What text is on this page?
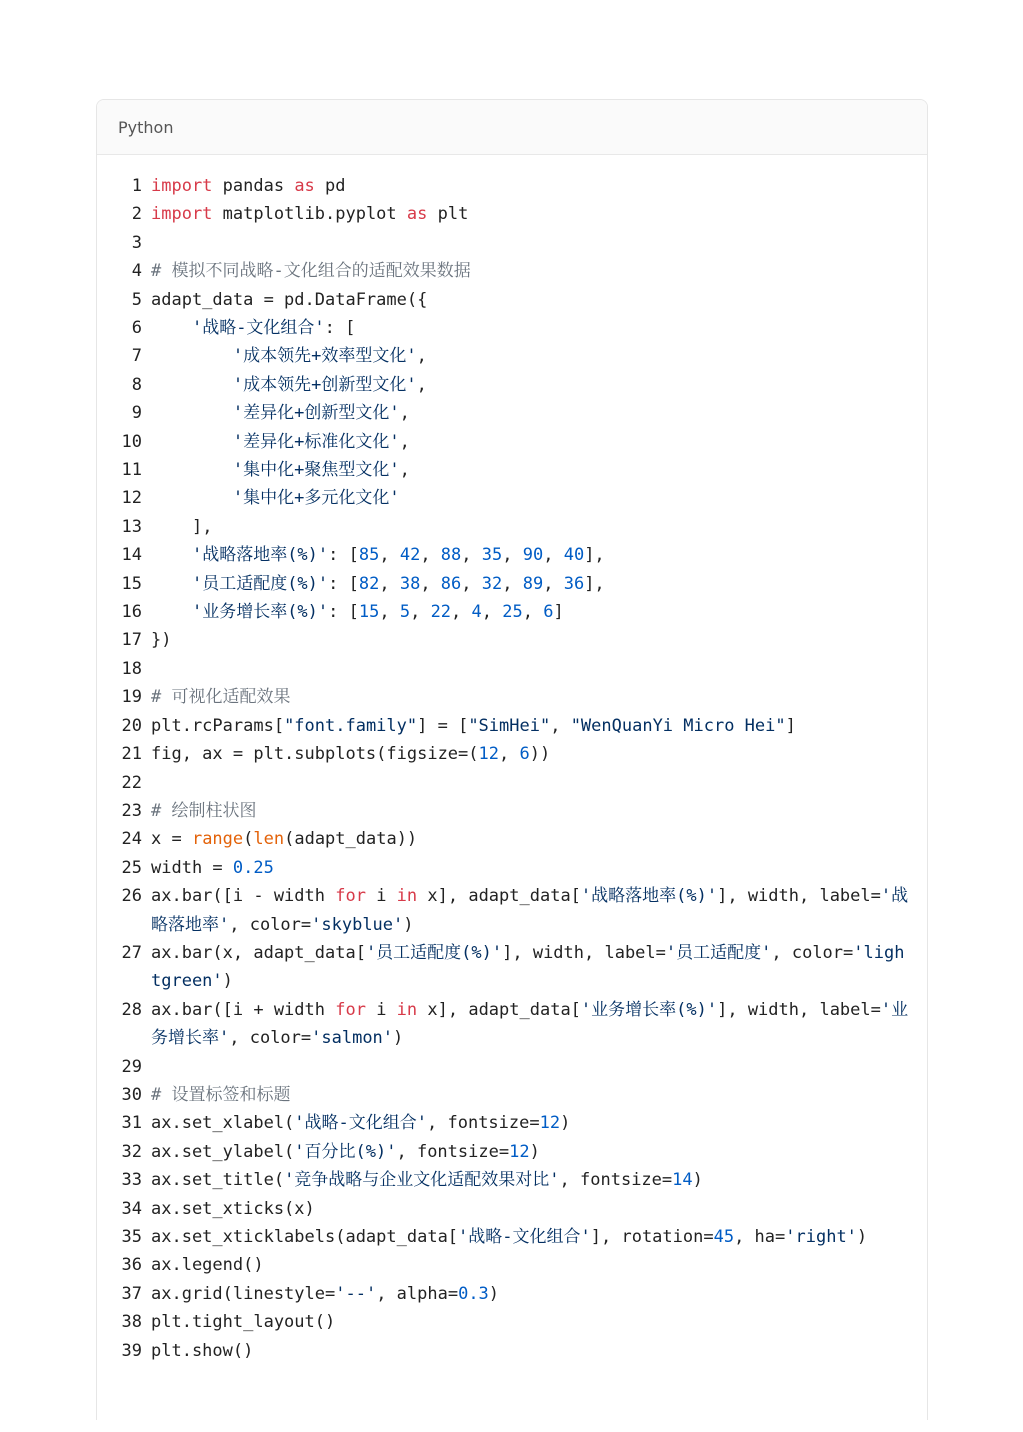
Python
1 import pandas as pd
2 import matplotlib.pyplot as plt
3
4 # 模拟不同战略-文化组合的适配效果数据
5 adapt_data = pd.DataFrame({
6	'战略-文化组合': [
7	'成本领先+效率型文化',
8	'成本领先+创新型文化',
9	'差异化+创新型文化',
10	'差异化+标准化文化',
11	'集中化+聚焦型文化',
12	'集中化+多元化文化'
13 ],
14	'战略落地率(%)': [85, 42, 88, 35, 90, 40],
15	'员工适配度(%)': [82, 38, 86, 32, 89, 36],
16	'业务增长率(%)': [15, 5, 22, 4, 25, 6]
17 })
18
19 # 可视化适配效果
20 plt.rcParams["font.family"] = ["SimHei", "WenQuanYi Micro Hei"]
21 fig, ax = plt.subplots(figsize=(12, 6))
22
23 # 绘制柱状图
24 x = range(len(adapt_data))
25 width = 0.25
26 ax.bar([i - width for i in x], adapt_data['战略落地率(%)'], width, label='战略落地率', color='skyblue')
27 ax.bar(x, adapt_data['员工适配度(%)'], width, label='员工适配度', color='lightgreen')
28 ax.bar([i + width for i in x], adapt_data['业务增长率(%)'], width, label='业务增长率', color='salmon')
29
30 # 设置标签和标题
31 ax.set_xlabel('战略-文化组合', fontsize=12)
32 ax.set_ylabel('百分比(%)', fontsize=12)
33 ax.set_title('竞争战略与企业文化适配效果对比', fontsize=14)
34 ax.set_xticks(x)
35 ax.set_xticklabels(adapt_data['战略-文化组合'], rotation=45, ha='right')
36 ax.legend()
37 ax.grid(linestyle='--', alpha=0.3)
38 plt.tight_layout()
39 plt.show()
